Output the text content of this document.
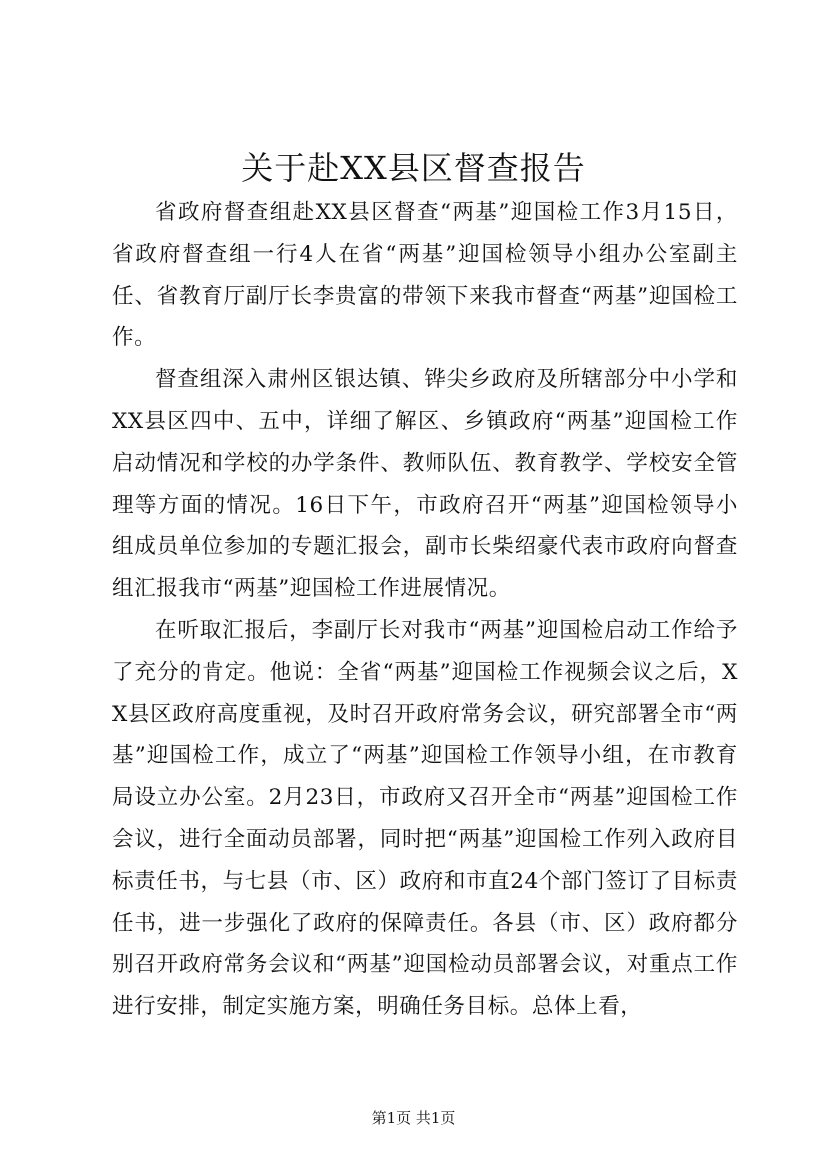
关于赴XX县区督查报告

省政府督查组赴XX县区督查“两基”迎国检工作3月15日，省政府督查组一行4人在省“两基”迎国检领导小组办公室副主任、省教育厅副厅长李贵富的带领下来我市督查“两基”迎国检工作。

督查组深入肃州区银达镇、铧尖乡政府及所辖部分中小学和XX县区四中、五中，详细了解区、乡镇政府“两基”迎国检工作启动情况和学校的办学条件、教师队伍、教育教学、学校安全管理等方面的情况。16日下午，市政府召开“两基”迎国检领导小组成员单位参加的专题汇报会，副市长柴绍豪代表市政府向督查组汇报我市“两基”迎国检工作进展情况。

在听取汇报后，李副厅长对我市“两基”迎国检启动工作给予了充分的肯定。他说：全省“两基”迎国检工作视频会议之后，XX县区政府高度重视，及时召开政府常务会议，研究部署全市“两基”迎国检工作，成立了“两基”迎国检工作领导小组，在市教育局设立办公室。2月23日，市政府又召开全市“两基”迎国检工作会议，进行全面动员部署，同时把“两基”迎国检工作列入政府目标责任书，与七县（市、区）政府和市直24个部门签订了目标责任书，进一步强化了政府的保障责任。各县（市、区）政府都分别召开政府常务会议和“两基”迎国检动员部署会议，对重点工作进行安排，制定实施方案，明确任务目标。总体上看，

第1页 共1页
